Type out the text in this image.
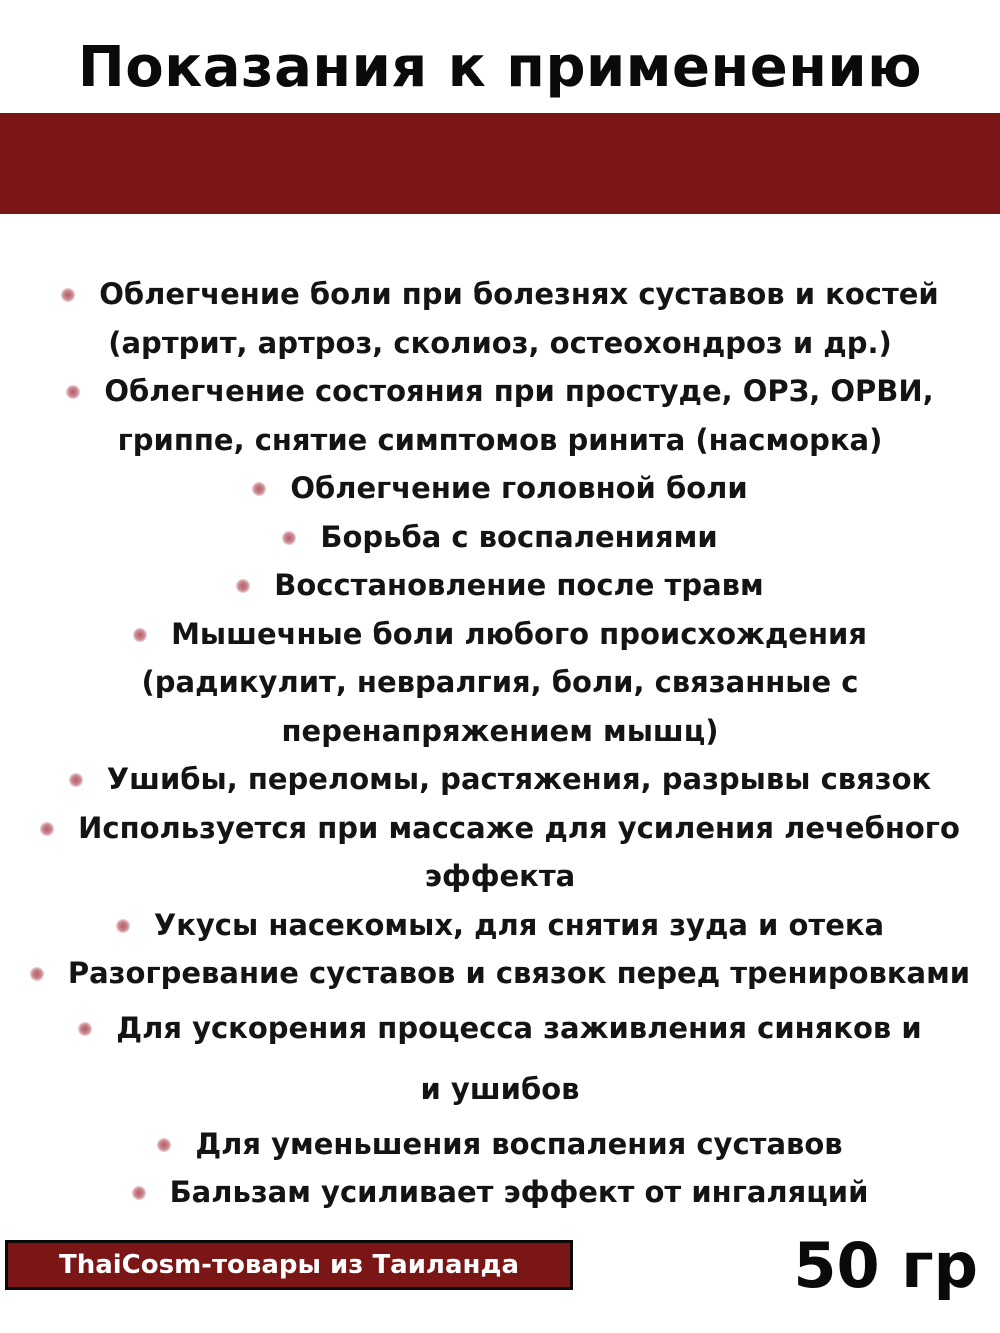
Показания к применению
Облегчение боли при болезнях суставов и костей
(артрит, артроз, сколиоз, остеохондроз и др.)
Облегчение состояния при простуде, ОРЗ, ОРВИ,
гриппе, снятие симптомов ринита (насморка)
Облегчение головной боли
Борьба с воспалениями
Восстановление после травм
Мышечные боли любого происхождения
(радикулит, невралгия, боли, связанные с
перенапряжением мышц)
Ушибы, переломы, растяжения, разрывы связок
Используется при массаже для усиления лечебного
эффекта
Укусы насекомых, для снятия зуда и отека
Разогревание суставов и связок перед тренировками
Для ускорения процесса заживления синяков и
и ушибов
Для уменьшения воспаления суставов
Бальзам усиливает эффект от ингаляций
ThaiCosm-товары из Таиланда	50 гр
